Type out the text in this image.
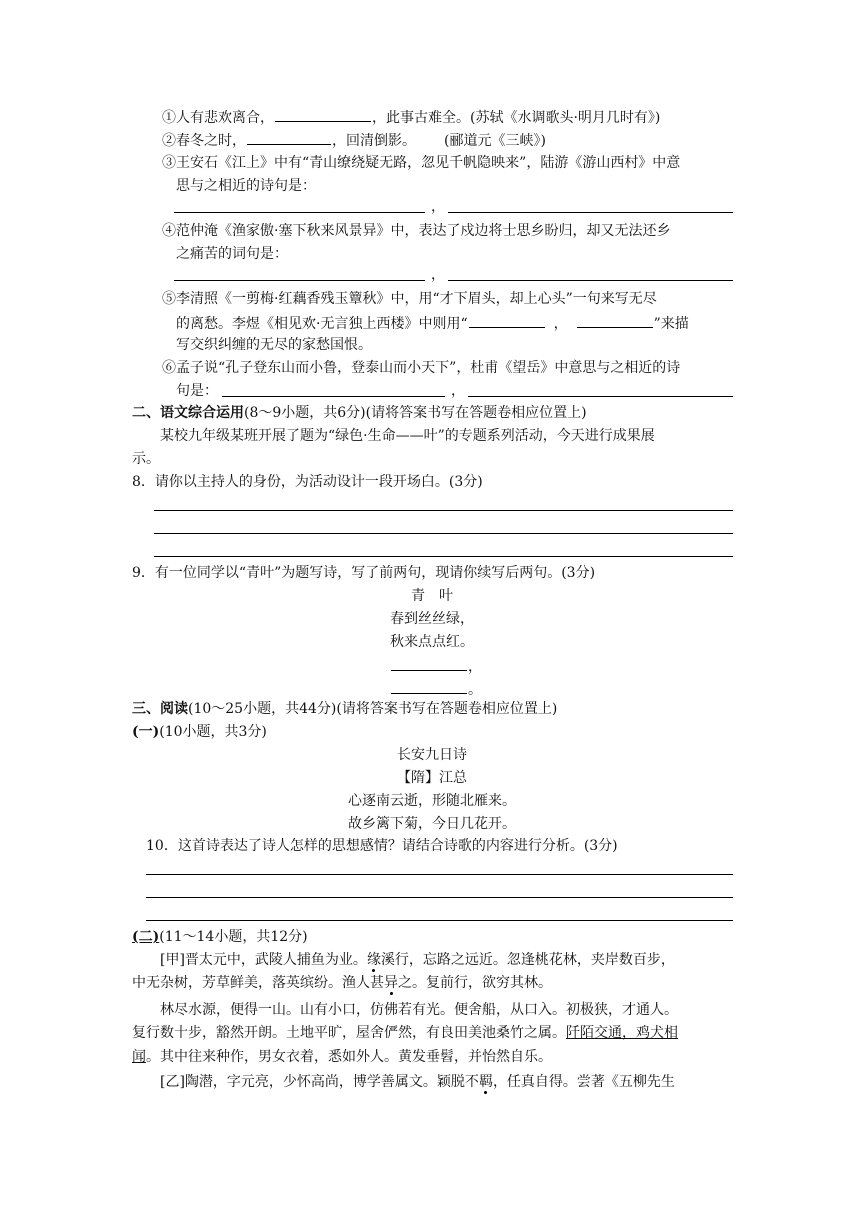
①人有悲欢离合，	，此事古难全。(苏轼《水调歌头·明月几时有》)
②春冬之时，	，回清倒影。 (郦道元《三峡》)
③王安石《江上》中有“青山缭绕疑无路，忽见千帆隐映来”，陆游《游山西村》中意
思与之相近的诗句是：
，
④范仲淹《渔家傲·塞下秋来风景异》中，表达了戍边将士思乡盼归，却又无法还乡
之痛苦的词句是：
，
⑤李清照《一剪梅·红藕香残玉簟秋》中，用“才下眉头，却上心头”一句来写无尽
的离愁。李煜《相见欢·无言独上西楼》中则用“	，	”来描
写交织纠缠的无尽的家愁国恨。
⑥孟子说“孔子登东山而小鲁，登泰山而小天下”，杜甫《望岳》中意思与之相近的诗
句是：	，
二、语文综合运用(8～9小题，共6分)(请将答案书写在答题卷相应位置上)
某校九年级某班开展了题为“绿色·生命——叶”的专题系列活动，今天进行成果展
示。
8．请你以主持人的身份，为活动设计一段开场白。(3分)
9．有一位同学以“青叶”为题写诗，写了前两句，现请你续写后两句。(3分)
青　叶
春到丝丝绿，
秋来点点红。
，
。
三、阅读(10～25小题，共44分)(请将答案书写在答题卷相应位置上)
(一)(10小题，共3分)
长安九日诗
【隋】江总
心逐南云逝，形随北雁来。
故乡篱下菊，今日几花开。
10．这首诗表达了诗人怎样的思想感情？请结合诗歌的内容进行分析。(3分)
(二)(11～14小题，共12分)
[甲]晋太元中，武陵人捕鱼为业。缘溪行，忘路之远近。忽逢桃花林，夹岸数百步，
中无杂树，芳草鲜美，落英缤纷。渔人甚异之。复前行，欲穷其林。
林尽水源，便得一山。山有小口，仿佛若有光。便舍船，从口入。初极狭，才通人。
复行数十步，豁然开朗。土地平旷，屋舍俨然，有良田美池桑竹之属。阡陌交通，鸡犬相
闻。其中往来种作，男女衣着，悉如外人。黄发垂髫，并怡然自乐。
[乙]陶潜，字元亮，少怀高尚，博学善属文。颖脱不羁，任真自得。尝著《五柳先生
